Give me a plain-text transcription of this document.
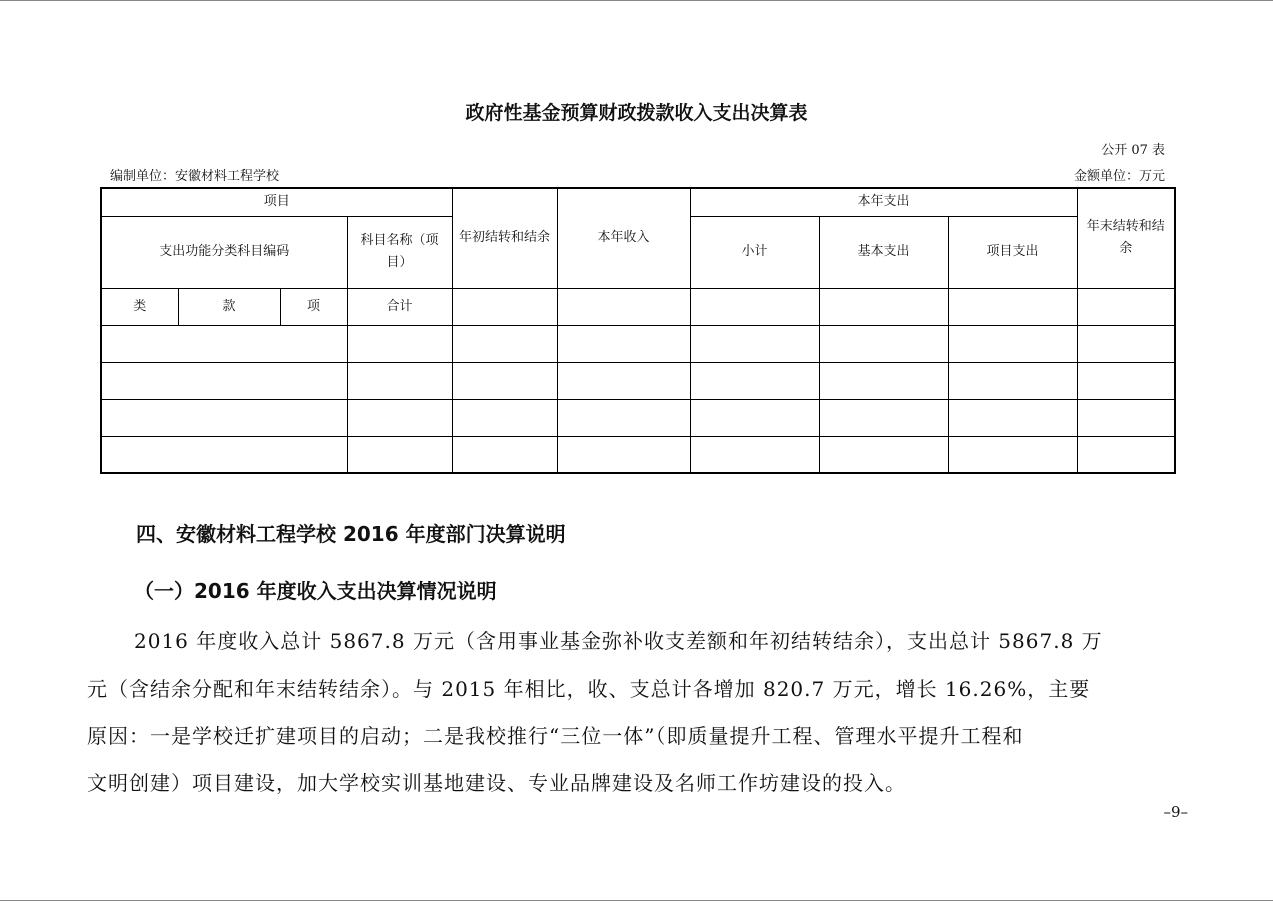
政府性基金预算财政拨款收入支出决算表
公开 07 表
编制单位：安徽材料工程学校	金额单位：万元
项目				年初结转和结余	本年收入	本年支出			年末结转和结余
支出功能分类科目编码			科目名称（项目）			小计	基本支出	项目支出	
类	款	项	合计						

四、安徽材料工程学校 2016 年度部门决算说明
（一）2016 年度收入支出决算情况说明
2016 年度收入总计 5867.8 万元（含用事业基金弥补收支差额和年初结转结余），支出总计 5867.8 万
元（含结余分配和年末结转结余）。与 2015 年相比，收、支总计各增加 820.7 万元，增长 16.26%，主要
原因：一是学校迁扩建项目的启动；二是我校推行“三位一体”（即质量提升工程、管理水平提升工程和
文明创建）项目建设，加大学校实训基地建设、专业品牌建设及名师工作坊建设的投入。
–9–
